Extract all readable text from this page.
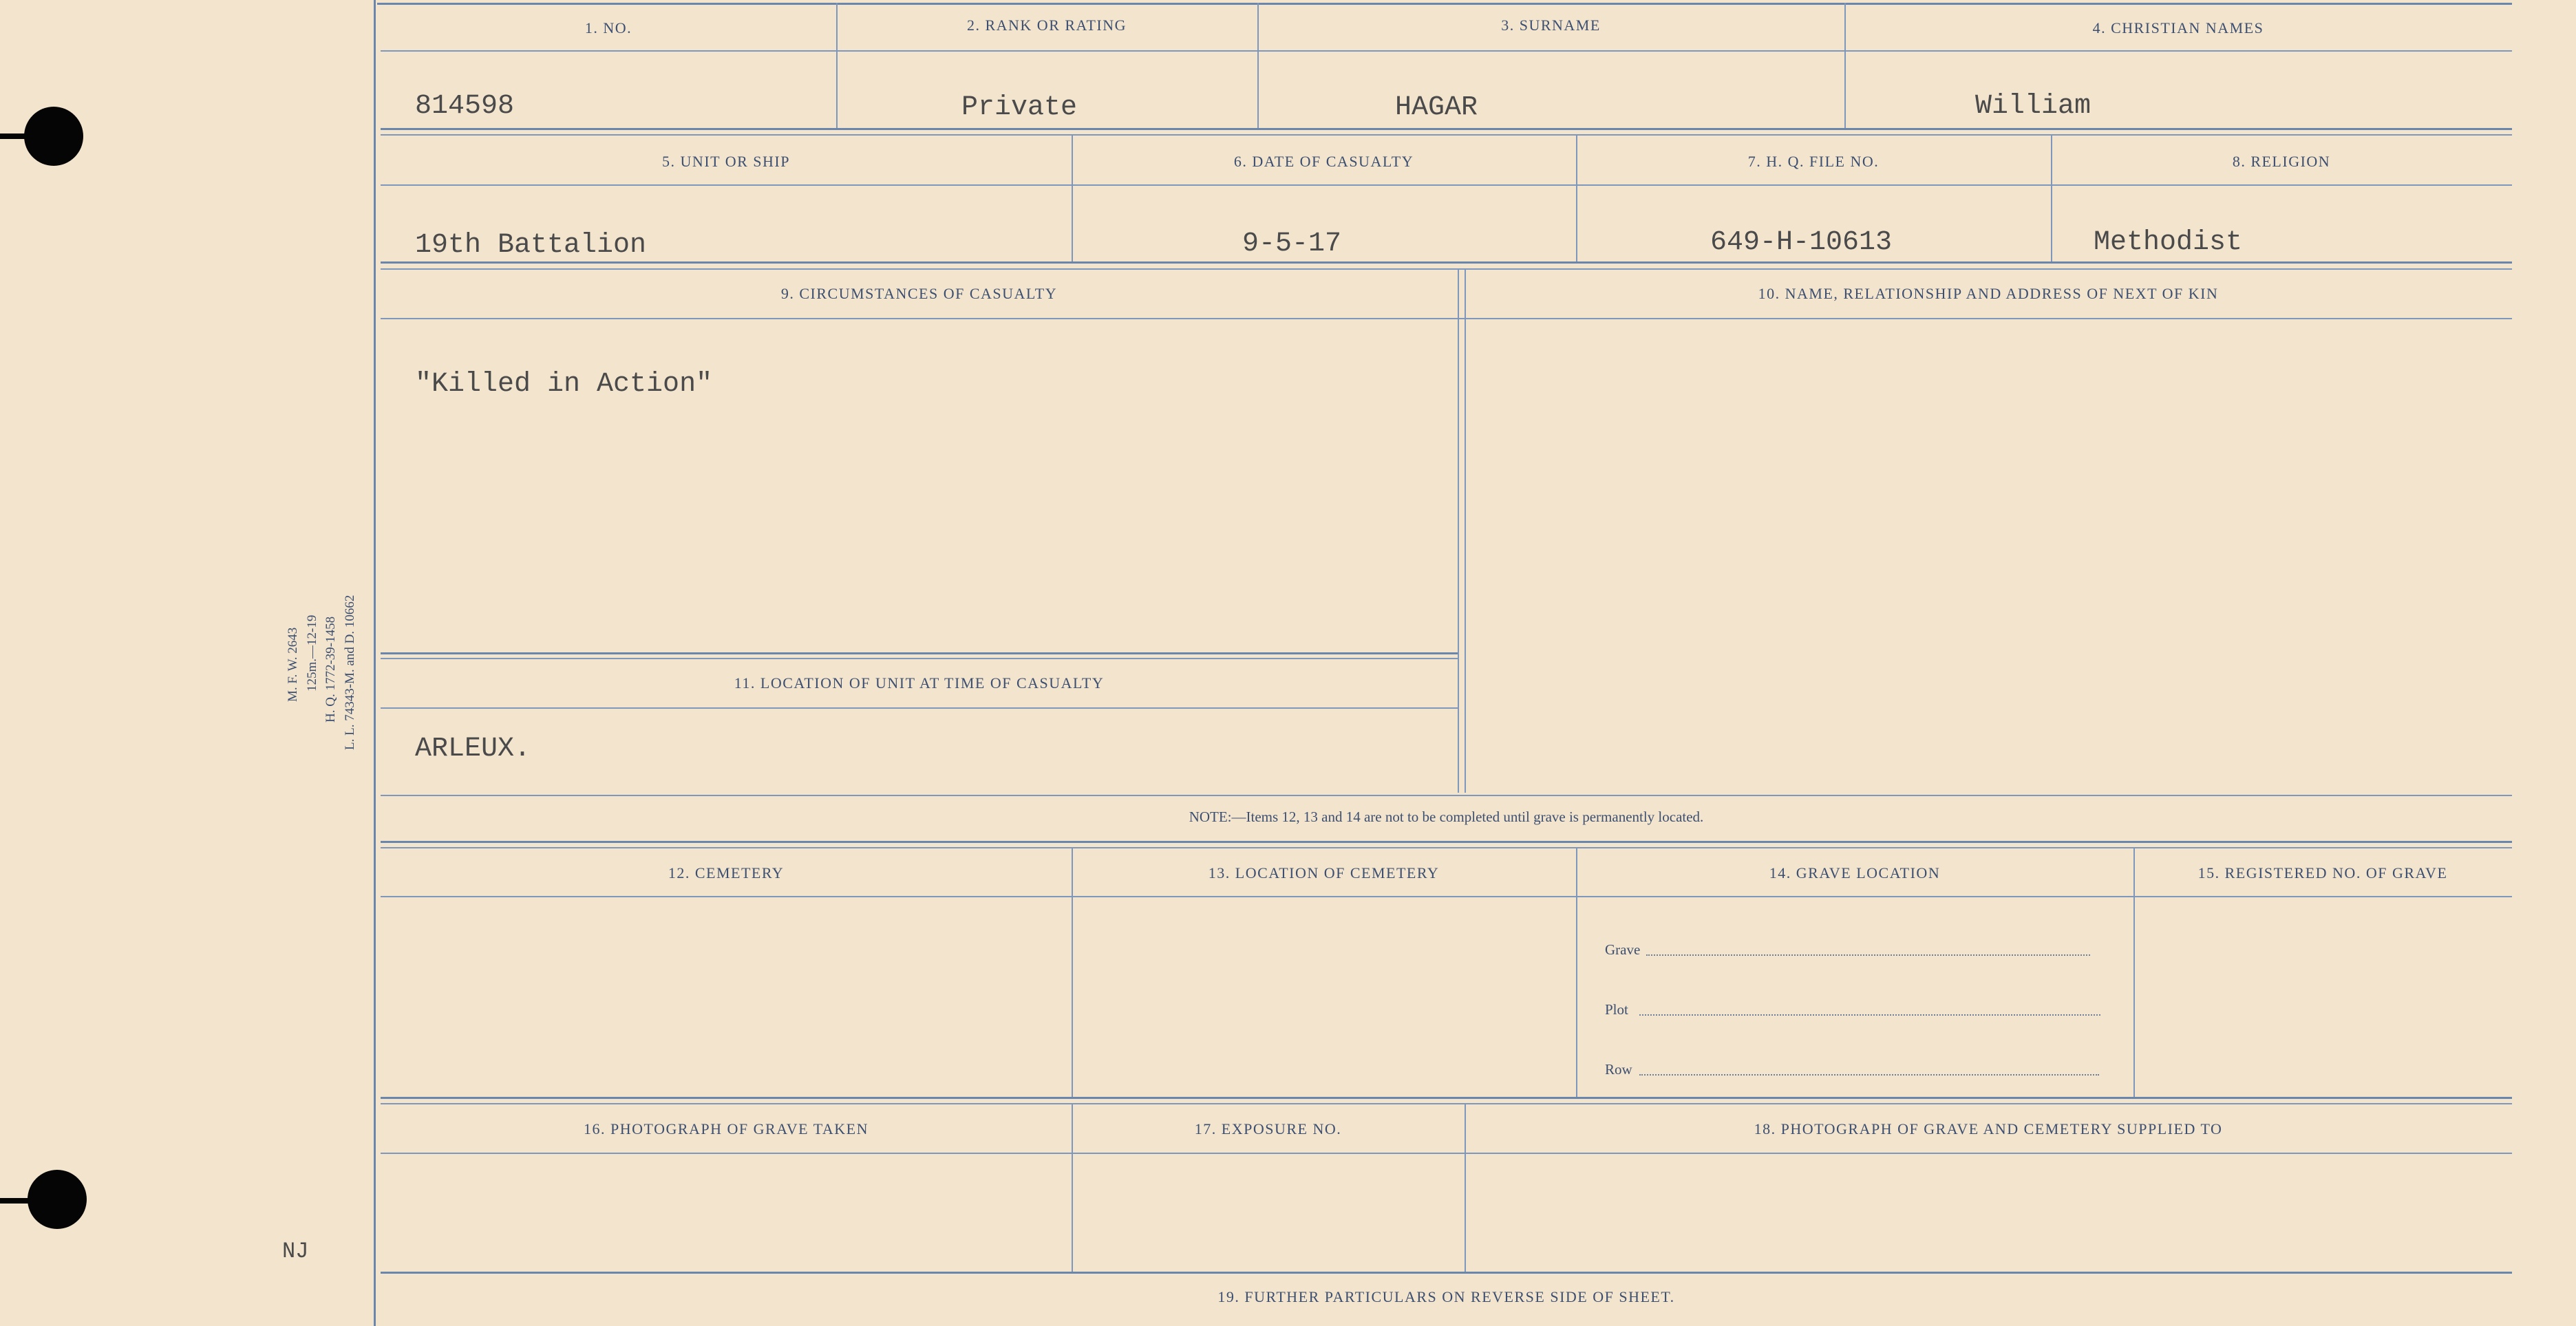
M. F. W. 2643 125m.—12-19 H. Q. 1772-39-1458 L. L. 74343-M. and D. 10662
NJ
1. NO.	2. RANK OR RATING	3. SURNAME	4. CHRISTIAN NAMES
814598	Private	HAGAR	William
5. UNIT OR SHIP	6. DATE OF CASUALTY	7. H. Q. FILE NO.	8. RELIGION
19th Battalion	9-5-17	649-H-10613	Methodist
9. CIRCUMSTANCES OF CASUALTY	10. NAME, RELATIONSHIP AND ADDRESS OF NEXT OF KIN
"Killed in Action"
11. LOCATION OF UNIT AT TIME OF CASUALTY
ARLEUX.
NOTE:—Items 12, 13 and 14 are not to be completed until grave is permanently located.
12. CEMETERY	13. LOCATION OF CEMETERY	14. GRAVE LOCATION	15. REGISTERED NO. OF GRAVE
Grave
Plot
Row
16. PHOTOGRAPH OF GRAVE TAKEN	17. EXPOSURE NO.	18. PHOTOGRAPH OF GRAVE AND CEMETERY SUPPLIED TO
19. FURTHER PARTICULARS ON REVERSE SIDE OF SHEET.
